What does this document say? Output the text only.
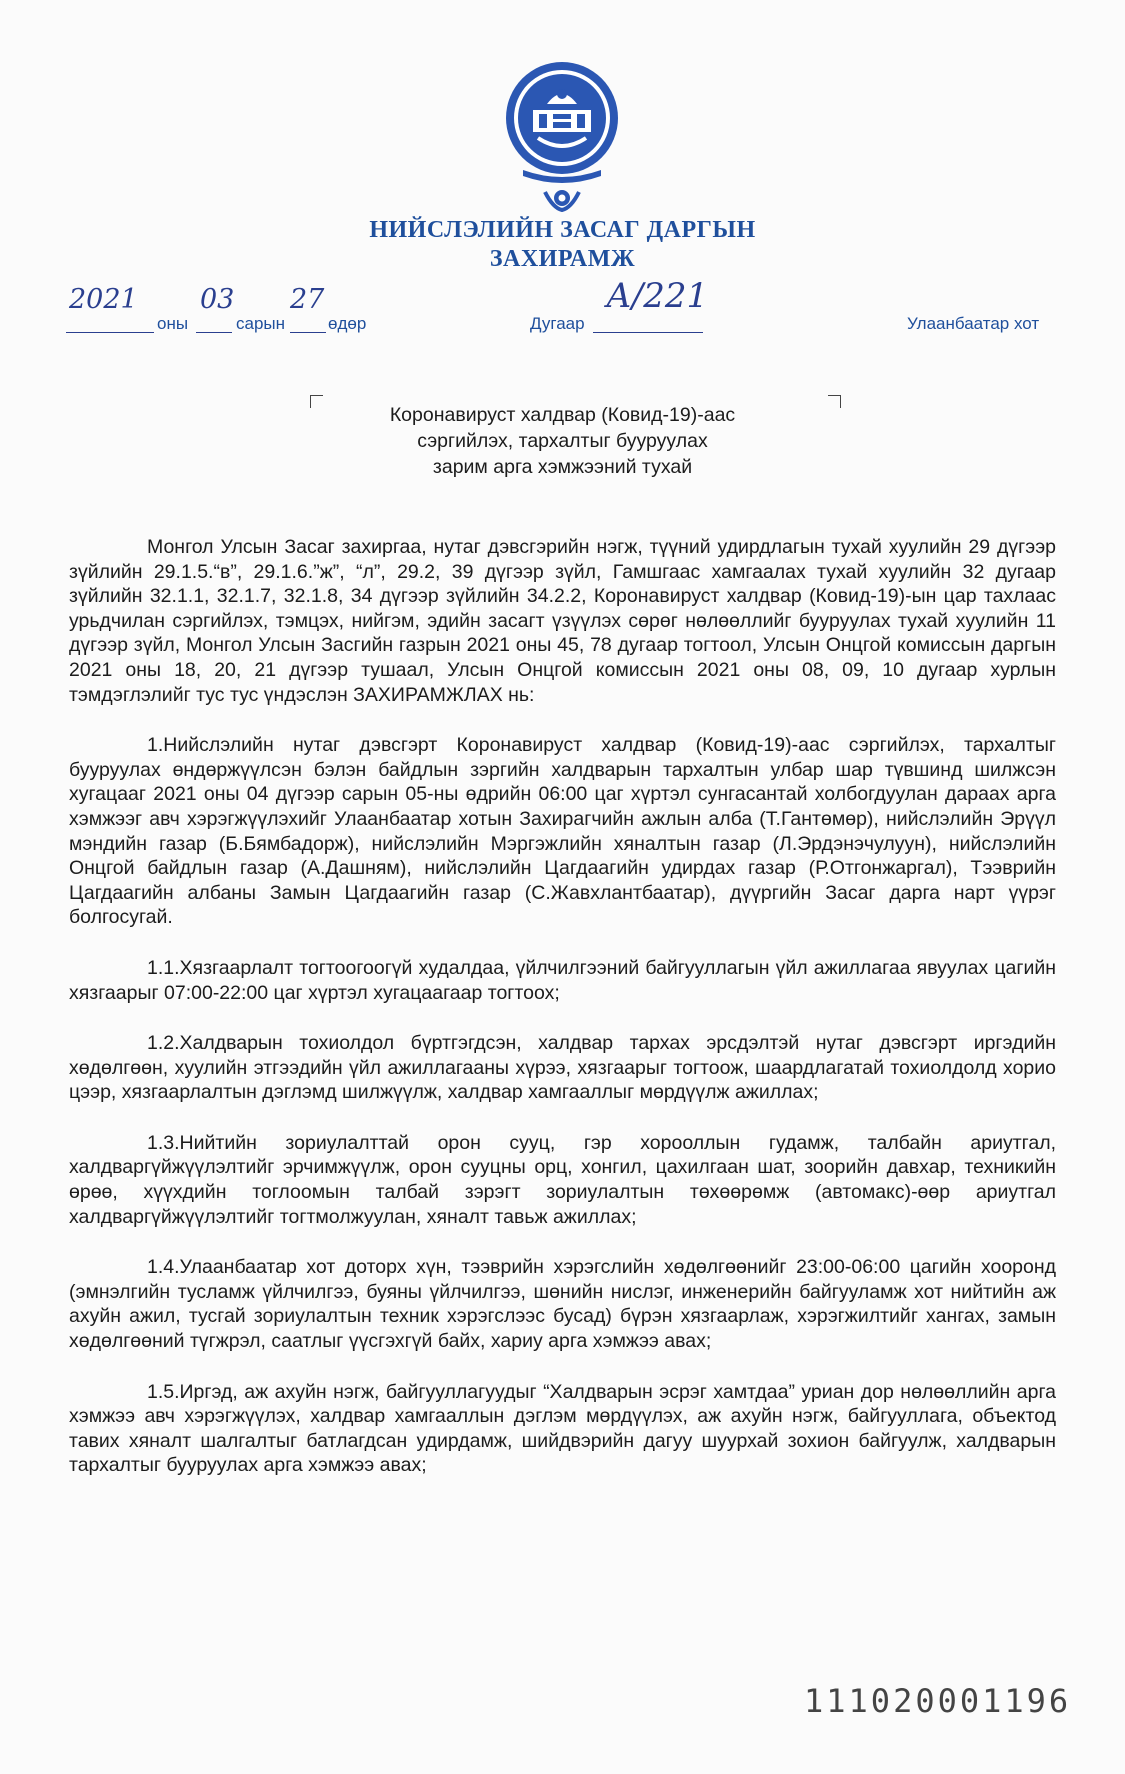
НИЙСЛЭЛИЙН ЗАСАГ ДАРГЫН
ЗАХИРАМЖ
2021
оны
03
сарын
27
өдөр	Дугаар
А/221
Улаанбаатар хот
Коронавируст халдвар (Ковид-19)-аас
сэргийлэх, тархалтыг бууруулах
зарим арга хэмжээний тухай

Монгол Улсын Засаг захиргаа, нутаг дэвсгэрийн нэгж, түүний удирдлагын тухай хуулийн 29 дүгээр зүйлийн 29.1.5.“в”, 29.1.6.”ж”, “л”, 29.2, 39 дүгээр зүйл, Гамшгаас хамгаалах тухай хуулийн 32 дугаар зүйлийн 32.1.1, 32.1.7, 32.1.8, 34 дүгээр зүйлийн 34.2.2, Коронавируст халдвар (Ковид-19)-ын цар тахлаас урьдчилан сэргийлэх, тэмцэх, нийгэм, эдийн засагт үзүүлэх сөрөг нөлөөллийг бууруулах тухай хуулийн 11 дүгээр зүйл, Монгол Улсын Засгийн газрын 2021 оны 45, 78 дугаар тогтоол, Улсын Онцгой комиссын даргын 2021 оны 18, 20, 21 дүгээр тушаал, Улсын Онцгой комиссын 2021 оны 08, 09, 10 дугаар хурлын тэмдэглэлийг тус тус үндэслэн ЗАХИРАМЖЛАХ нь:

1.Нийслэлийн нутаг дэвсгэрт Коронавируст халдвар (Ковид-19)-аас сэргийлэх, тархалтыг бууруулах өндөржүүлсэн бэлэн байдлын зэргийн халдварын тархалтын улбар шар түвшинд шилжсэн хугацааг 2021 оны 04 дүгээр сарын 05-ны өдрийн 06:00 цаг хүртэл сунгасантай холбогдуулан дараах арга хэмжээг авч хэрэгжүүлэхийг Улаанбаатар хотын Захирагчийн ажлын алба (Т.Гантөмөр), нийслэлийн Эрүүл мэндийн газар (Б.Бямбадорж), нийслэлийн Мэргэжлийн хяналтын газар (Л.Эрдэнэчулуун), нийслэлийн Онцгой байдлын газар (А.Дашням), нийслэлийн Цагдаагийн удирдах газар (Р.Отгонжаргал), Тээврийн Цагдаагийн албаны Замын Цагдаагийн газар (С.Жавхлантбаатар), дүүргийн Засаг дарга нарт үүрэг болгосугай.

1.1.Хязгаарлалт тогтоогоогүй худалдаа, үйлчилгээний байгууллагын үйл ажиллагаа явуулах цагийн хязгаарыг 07:00-22:00 цаг хүртэл хугацаагаар тогтоох;

1.2.Халдварын тохиолдол бүртгэгдсэн, халдвар тархах эрсдэлтэй нутаг дэвсгэрт иргэдийн хөдөлгөөн, хуулийн этгээдийн үйл ажиллагааны хүрээ, хязгаарыг тогтоож, шаардлагатай тохиолдолд хорио цээр, хязгаарлалтын дэглэмд шилжүүлж, халдвар хамгааллыг мөрдүүлж ажиллах;

1.3.Нийтийн зориулалттай орон сууц, гэр хорооллын гудамж, талбайн ариутгал, халдваргүйжүүлэлтийг эрчимжүүлж, орон сууцны орц, хонгил, цахилгаан шат, зоорийн давхар, техникийн өрөө, хүүхдийн тоглоомын талбай зэрэгт зориулалтын төхөөрөмж (автомакс)-өөр ариутгал халдваргүйжүүлэлтийг тогтмолжуулан, хяналт тавьж ажиллах;

1.4.Улаанбаатар хот доторх хүн, тээврийн хэрэгслийн хөдөлгөөнийг 23:00-06:00 цагийн хооронд (эмнэлгийн тусламж үйлчилгээ, буяны үйлчилгээ, шөнийн нислэг, инженерийн байгууламж хот нийтийн аж ахуйн ажил, тусгай зориулалтын техник хэрэгслээс бусад) бүрэн хязгаарлаж, хэрэгжилтийг хангах, замын хөдөлгөөний түгжрэл, саатлыг үүсгэхгүй байх, хариу арга хэмжээ авах;

1.5.Иргэд, аж ахуйн нэгж, байгууллагуудыг “Халдварын эсрэг хамтдаа” уриан дор нөлөөллийн арга хэмжээ авч хэрэгжүүлэх, халдвар хамгааллын дэглэм мөрдүүлэх, аж ахуйн нэгж, байгууллага, объектод тавих хяналт шалгалтыг батлагдсан удирдамж, шийдвэрийн дагуу шуурхай зохион байгуулж, халдварын тархалтыг бууруулах арга хэмжээ авах;

111020001196
